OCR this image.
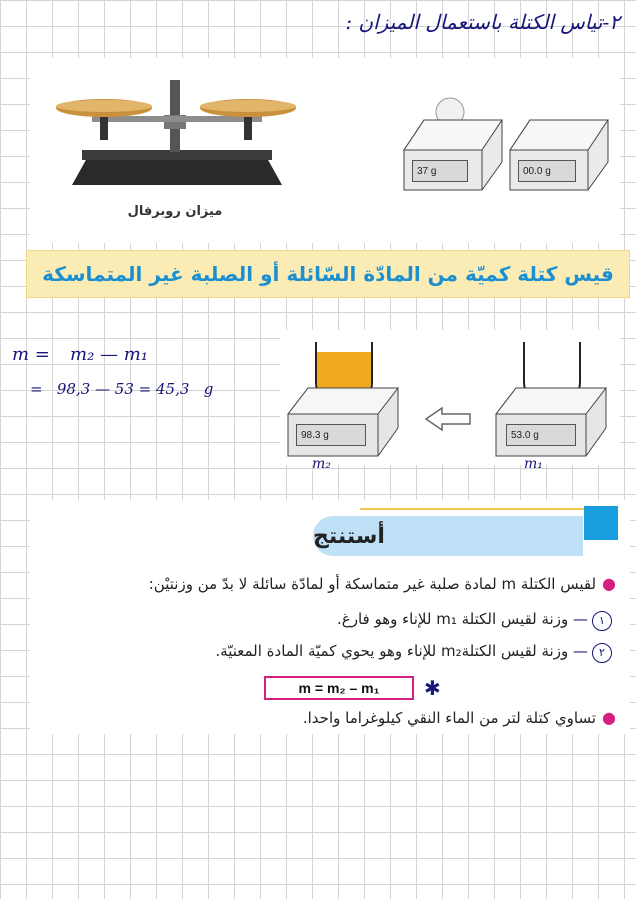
٢-تياس الكتلة باستعمال الميزان :
ميزان روبرفال
37 g	00.0 g
قيس كتلة كميّة من المادّة السّائلة أو الصلبة غير المتماسكة
m = m₂ — m₁
=   98,3 — 53 = 45,3   g
98.3 g	53.0 g
m₂	m₁
أستنتج
●لقيس الكتلة m لمادة صلبة غير متماسكة أو لمادّة سائلة لا بدّ من وزنتيْن:
١— وزنة لقيس الكتلة m₁ للإناء وهو فارغ.
٢— وزنة لقيس الكتلةm₂ للإناء وهو يحوي كميّة المادة المعنيّة.
m = m₂ – m₁	✱
●تساوي كتلة لتر من الماء النقي كيلوغراما واحدا.
